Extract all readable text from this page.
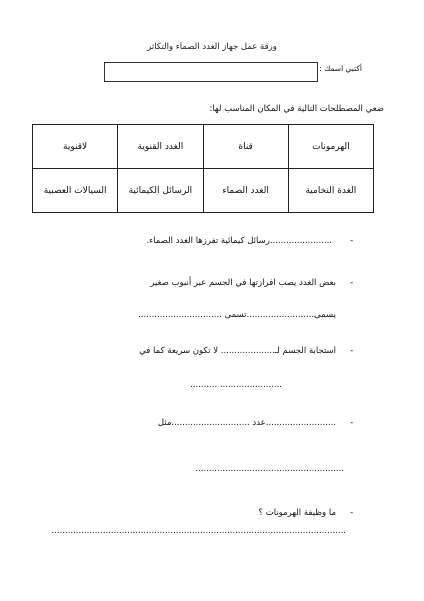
ورقة عمل جهاز الغدد الصماء والتكاثر
أكتبي اسمك :
ضعي المصطلحات التالية في المكان المناسب لها:
الهرمونات	قناة	الغدد القنوية	لاقنوية
الغدة النخامية	الغدد الصماء	الرسائل الكيمائية	السيالات العصبية
-
.......................رسائل كيمائية تفرزها الغدد الصماء.
-
بعض الغدد يصب افرازتها في الجسم عبر أنبوب صغير
يسمى.........................تسمى ...............................
-
استجابة الجسم لـ.................... لا تكون سريعة كما في
....................... ..........
-
..........................عدد .............................مثل
.......................................................
-
ما وظيفة الهرمونات ؟
.............................................................................................................
